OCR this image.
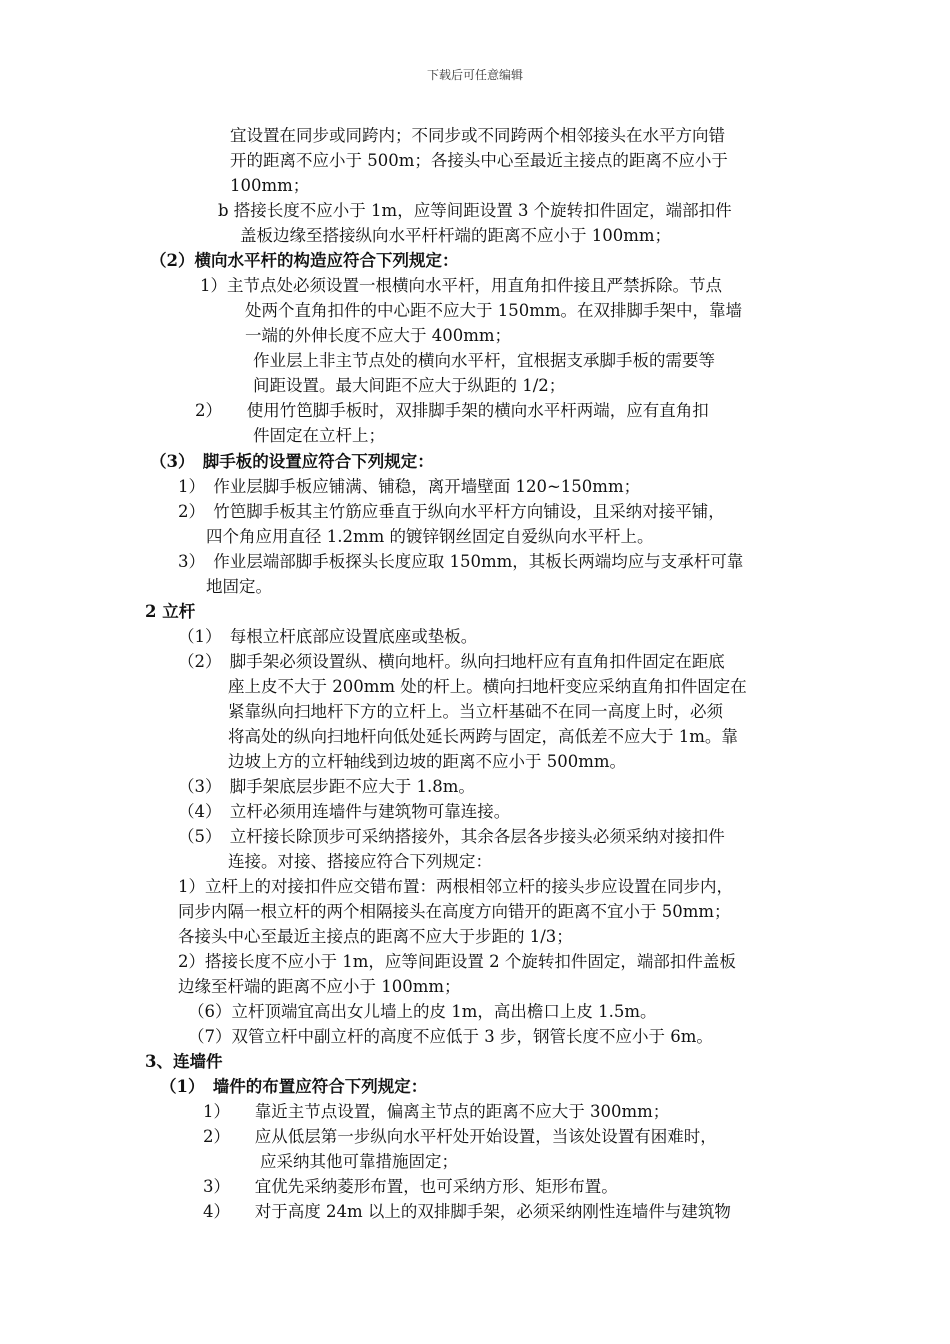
下载后可任意编辑
宜设置在同步或同跨内；不同步或不同跨两个相邻接头在水平方向错
开的距离不应小于 500m；各接头中心至最近主接点的距离不应小于
100mm；
b 搭接长度不应小于 1m，应等间距设置 3 个旋转扣件固定，端部扣件
盖板边缘至搭接纵向水平杆杆端的距离不应小于 100mm；
（2）横向水平杆的构造应符合下列规定：
1）主节点处必须设置一根横向水平杆，用直角扣件接且严禁拆除。节点
处两个直角扣件的中心距不应大于 150mm。在双排脚手架中，靠墙
一端的外伸长度不应大于 400mm；
作业层上非主节点处的横向水平杆，宜根据支承脚手板的需要等
间距设置。最大间距不应大于纵距的 1/2；
2）　　使用竹笆脚手板时，双排脚手架的横向水平杆两端，应有直角扣
件固定在立杆上；
（3）　脚手板的设置应符合下列规定：
1）　作业层脚手板应铺满、铺稳，离开墙壁面 120~150mm；
2）　竹笆脚手板其主竹筋应垂直于纵向水平杆方向铺设，且采纳对接平铺，
四个角应用直径 1.2mm 的镀锌钢丝固定自爱纵向水平杆上。
3）　作业层端部脚手板探头长度应取 150mm，其板长两端均应与支承杆可靠
地固定。
2 立杆
（1）　每根立杆底部应设置底座或垫板。
（2）　脚手架必须设置纵、横向地杆。纵向扫地杆应有直角扣件固定在距底
座上皮不大于 200mm 处的杆上。横向扫地杆变应采纳直角扣件固定在
紧靠纵向扫地杆下方的立杆上。当立杆基础不在同一高度上时，必须
将高处的纵向扫地杆向低处延长两跨与固定，高低差不应大于 1m。靠
边坡上方的立杆轴线到边坡的距离不应小于 500mm。
（3）　脚手架底层步距不应大于 1.8m。
（4）　立杆必须用连墙件与建筑物可靠连接。
（5）　立杆接长除顶步可采纳搭接外，其余各层各步接头必须采纳对接扣件
连接。对接、搭接应符合下列规定：
1）立杆上的对接扣件应交错布置：两根相邻立杆的接头步应设置在同步内，
同步内隔一根立杆的两个相隔接头在高度方向错开的距离不宜小于 50mm；
各接头中心至最近主接点的距离不应大于步距的 1/3；
2）搭接长度不应小于 1m，应等间距设置 2 个旋转扣件固定，端部扣件盖板
边缘至杆端的距离不应小于 100mm；
（6）立杆顶端宜高出女儿墙上的皮 1m，高出檐口上皮 1.5m。
（7）双管立杆中副立杆的高度不应低于 3 步，钢管长度不应小于 6m。
3、连墙件
（1）　墙件的布置应符合下列规定：
1）　　靠近主节点设置，偏离主节点的距离不应大于 300mm；
2）　　应从低层第一步纵向水平杆处开始设置，当该处设置有困难时，
应采纳其他可靠措施固定；
3）　　宜优先采纳菱形布置，也可采纳方形、矩形布置。
4）　　对于高度 24m 以上的双排脚手架，必须采纳刚性连墙件与建筑物
